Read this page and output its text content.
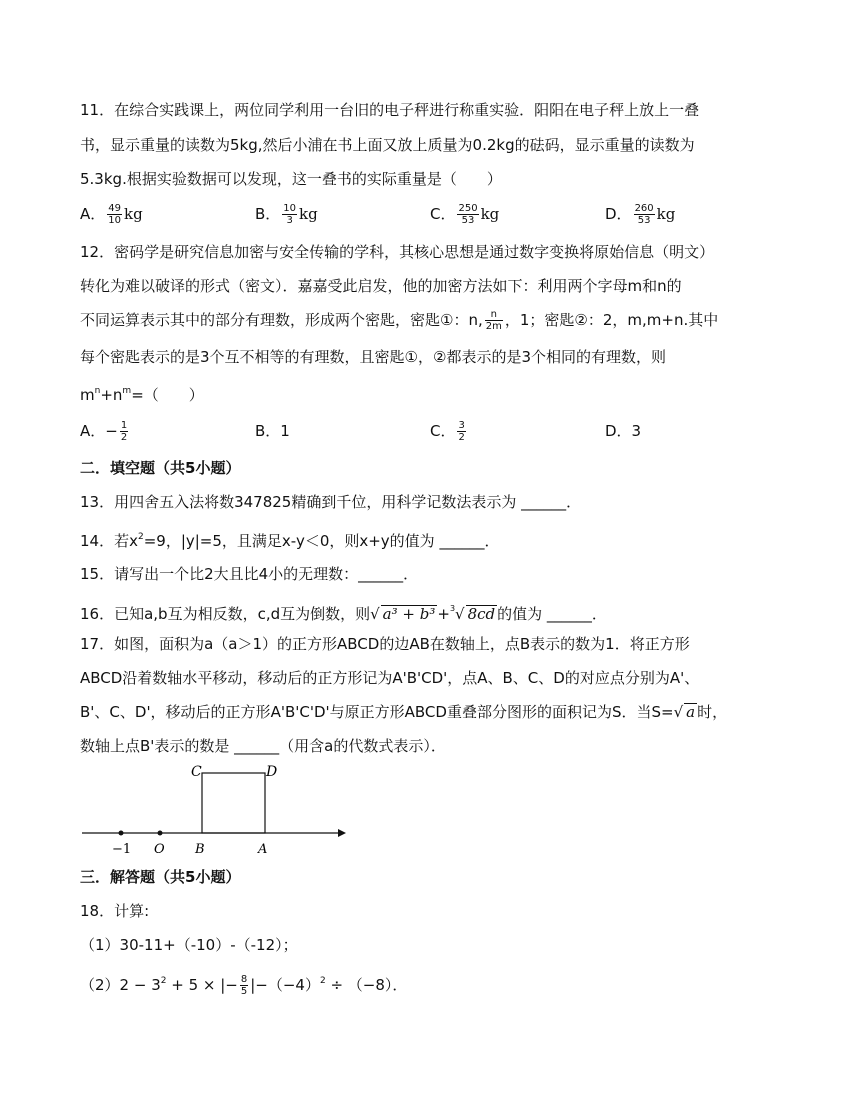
11．在综合实践课上，两位同学利用一台旧的电子秤进行称重实验．阳阳在电子秤上放上一叠
书，显示重量的读数为5kg,然后小浦在书上面又放上质量为0.2kg的砝码，显示重量的读数为
5.3kg.根据实验数据可以发现，这一叠书的实际重量是（　　）
A． $\frac{49}{10}$ kg	B． $\frac{10}{3}$ kg	C． $\frac{250}{53}$ kg	D． $\frac{260}{53}$ kg
12．密码学是研究信息加密与安全传输的学科，其核心思想是通过数字变换将原始信息（明文）
转化为难以破译的形式（密文）．嘉嘉受此启发，他的加密方法如下：利用两个字母m和n的
不同运算表示其中的部分有理数，形成两个密匙，密匙①：n, $\frac{n}{2m}$ ，1；密匙②：2，m,m+n.其中
每个密匙表示的是3个互不相等的有理数，且密匙①，②都表示的是3个相同的有理数，则
$m^n+n^m=$（　　）
A．− $\frac{1}{2}$	B．1	C． $\frac{3}{2}$	D．3
二．填空题（共5小题）
13．用四舍五入法将数347825精确到千位，用科学记数法表示为 ______．
14．若$x^2=9$，|y|=5，且满足x-y＜0，则x+y的值为 ______．
15．请写出一个比2大且比4小的无理数：______．
16．已知a,b互为相反数，c,d互为倒数，则√ a³ + b³ +$^3$√ 8cd 的值为 ______．
17．如图，面积为a（a＞1）的正方形ABCD的边AB在数轴上，点B表示的数为1．将正方形
ABCD沿着数轴水平移动，移动后的正方形记为A'B'CD'，点A、B、C、D的对应点分别为A'、
B'、C、D'，移动后的正方形A'B'C'D'与原正方形ABCD重叠部分图形的面积记为S．当S=√ a 时，
数轴上点B'表示的数是 ______（用含a的代数式表示）．
C	D
−1 O B	A
三．解答题（共5小题）
18．计算:
（1）30-11+（-10）-（-12）；
$(2)2 - 3^2 + 5$ × |− $\frac{8}{5} |-(-4)^2 \div (-8)$．
